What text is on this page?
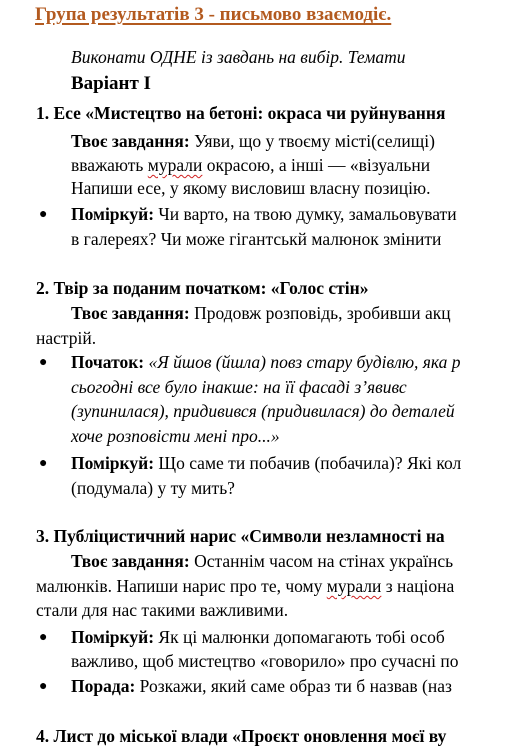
Група результатів 3 - письмово взаємодіє.
Виконати ОДНЕ із завдань на вибір. Темати
Варіант I
1. Есе «Мистецтво на бетоні: окраса чи руйнування
Твоє завдання: Уяви, що у твоєму місті(селищі)
вважають мурали окрасою, а інші — «візуальни
Напиши есе, у якому висловиш власну позицію.
● Поміркуй: Чи варто, на твою думку, замальовувати
в галереях? Чи може гігантськй малюнок змінити
2. Твір за поданим початком: «Голос стін»
Твоє завдання: Продовж розповідь, зробивши акц
настрій.
● Початок: «Я йшов (йшла) повз стару будівлю, яка р
сьогодні все було інакше: на її фасаді з’явивс
(зупинилася), придивився (придивилася) до деталей
хоче розповісти мені про...»
● Поміркуй: Що саме ти побачив (побачила)? Які кол
(подумала) у ту мить?
3. Публіцистичний нарис «Символи незламності на
Твоє завдання: Останнім часом на стінах українсь
малюнків. Напиши нарис про те, чому мурали з націона
стали для нас такими важливими.
● Поміркуй: Як ці малюнки допомагають тобі особ
важливо, щоб мистецтво «говорило» про сучасні по
● Порада: Розкажи, який саме образ ти б назвав (наз
4. Лист до міської влади «Проєкт оновлення моєї ву
